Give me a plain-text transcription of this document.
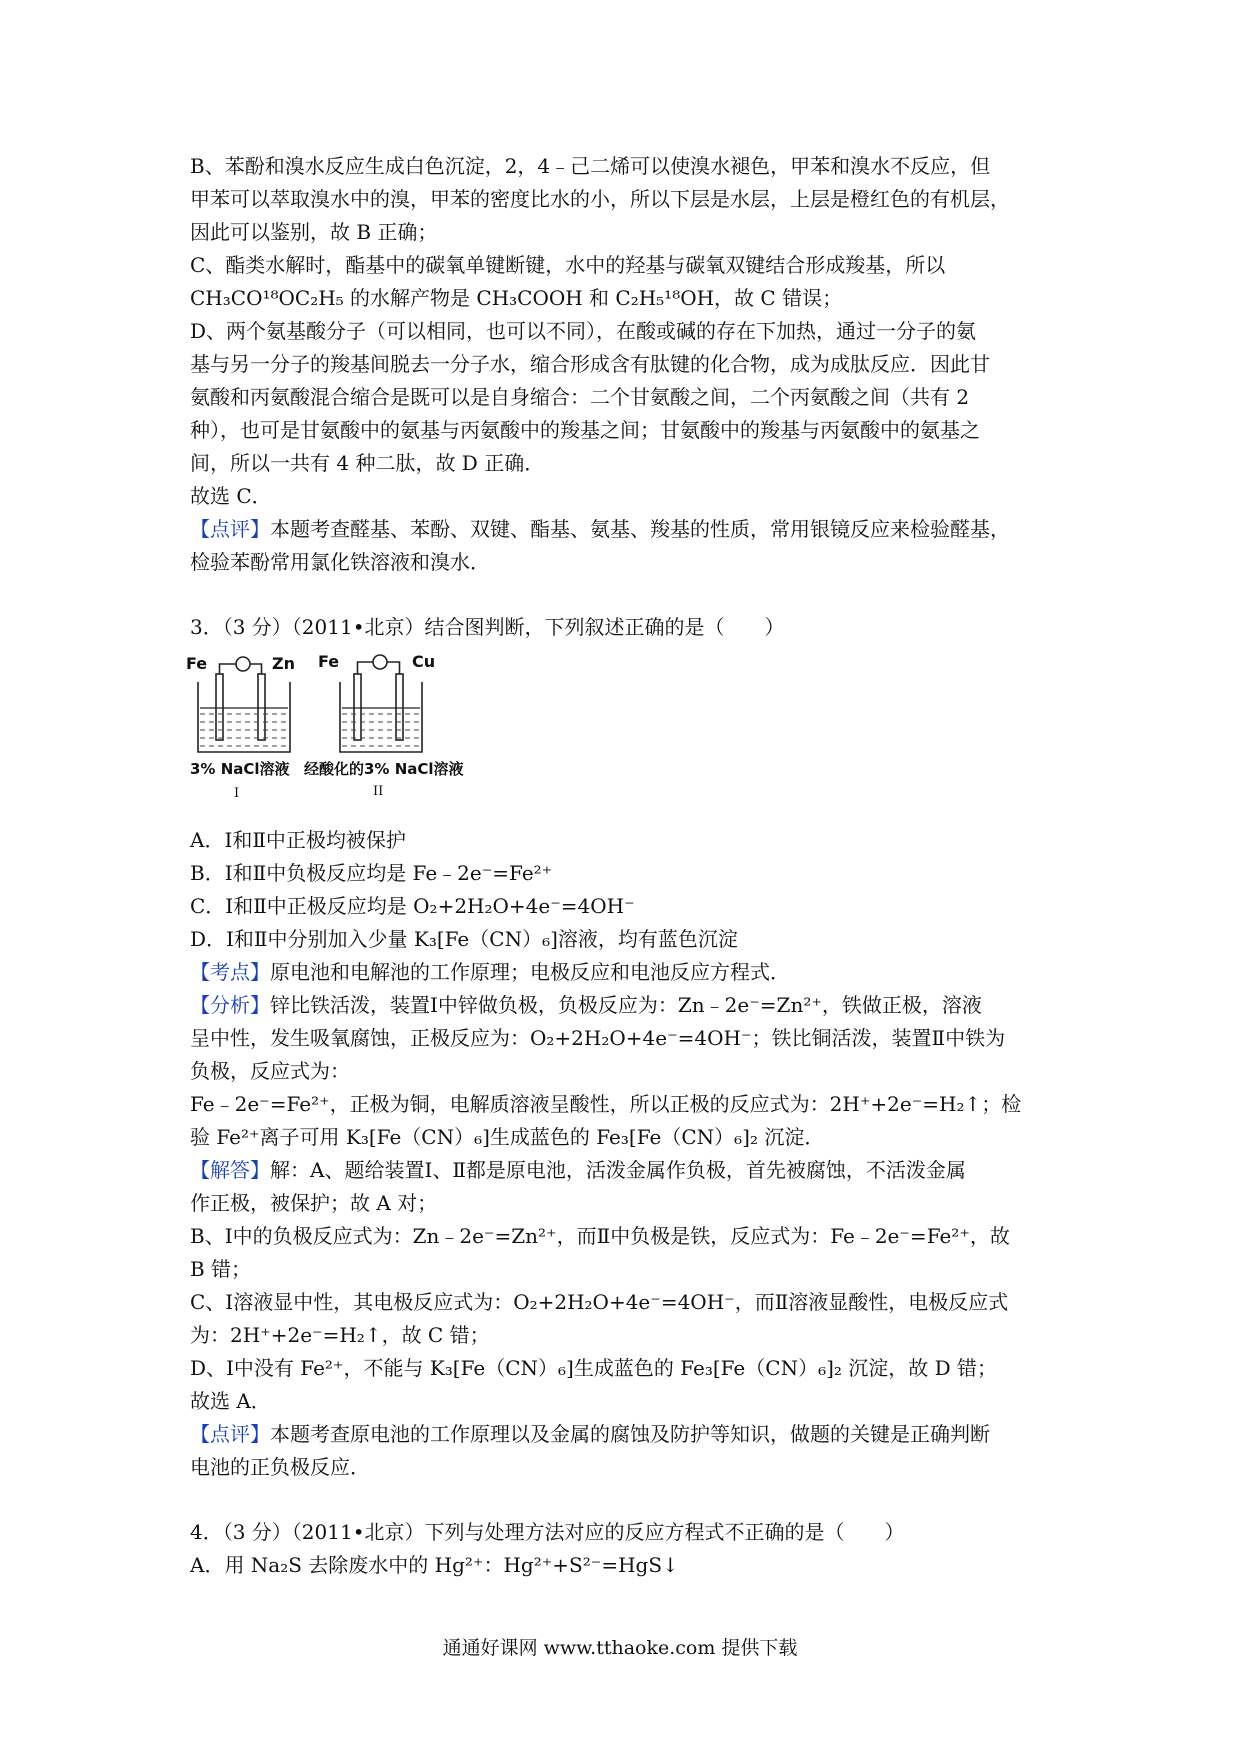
B、苯酚和溴水反应生成白色沉淀，2，4﹣己二烯可以使溴水褪色，甲苯和溴水不反应，但
甲苯可以萃取溴水中的溴，甲苯的密度比水的小，所以下层是水层，上层是橙红色的有机层，
因此可以鉴别，故 B 正确；
C、酯类水解时，酯基中的碳氧单键断键，水中的羟基与碳氧双键结合形成羧基，所以
CH₃CO¹⁸OC₂H₅ 的水解产物是 CH₃COOH 和 C₂H₅¹⁸OH，故 C 错误；
D、两个氨基酸分子（可以相同，也可以不同），在酸或碱的存在下加热，通过一分子的氨
基与另一分子的羧基间脱去一分子水，缩合形成含有肽键的化合物，成为成肽反应．因此甘
氨酸和丙氨酸混合缩合是既可以是自身缩合：二个甘氨酸之间，二个丙氨酸之间（共有 2
种），也可是甘氨酸中的氨基与丙氨酸中的羧基之间；甘氨酸中的羧基与丙氨酸中的氨基之
间，所以一共有 4 种二肽，故 D 正确．
故选 C．
【点评】本题考查醛基、苯酚、双键、酯基、氨基、羧基的性质，常用银镜反应来检验醛基，
检验苯酚常用氯化铁溶液和溴水．
3．（3 分）（2011•北京）结合图判断，下列叙述正确的是（　　）
Fe	Zn Fe	Cu
3% NaCl溶液 经酸化的3% NaCl溶液
I	II
A．Ⅰ和Ⅱ中正极均被保护
B．Ⅰ和Ⅱ中负极反应均是 Fe﹣2e⁻=Fe²⁺
C．Ⅰ和Ⅱ中正极反应均是 O₂+2H₂O+4e⁻=4OH⁻
D．Ⅰ和Ⅱ中分别加入少量 K₃[Fe（CN）₆]溶液，均有蓝色沉淀
【考点】原电池和电解池的工作原理；电极反应和电池反应方程式．
【分析】锌比铁活泼，装置Ⅰ中锌做负极，负极反应为：Zn﹣2e⁻=Zn²⁺，铁做正极，溶液
呈中性，发生吸氧腐蚀，正极反应为：O₂+2H₂O+4e⁻=4OH⁻；铁比铜活泼，装置Ⅱ中铁为
负极，反应式为：
Fe﹣2e⁻=Fe²⁺，正极为铜，电解质溶液呈酸性，所以正极的反应式为：2H⁺+2e⁻=H₂↑；检
验 Fe²⁺离子可用 K₃[Fe（CN）₆]生成蓝色的 Fe₃[Fe（CN）₆]₂ 沉淀．
【解答】解：A、题给装置Ⅰ、Ⅱ都是原电池，活泼金属作负极，首先被腐蚀，不活泼金属
作正极，被保护；故 A 对；
B、Ⅰ中的负极反应式为：Zn﹣2e⁻=Zn²⁺，而Ⅱ中负极是铁，反应式为：Fe﹣2e⁻=Fe²⁺，故
B 错；
C、Ⅰ溶液显中性，其电极反应式为：O₂+2H₂O+4e⁻=4OH⁻，而Ⅱ溶液显酸性，电极反应式
为：2H⁺+2e⁻=H₂↑，故 C 错；
D、Ⅰ中没有 Fe²⁺，不能与 K₃[Fe（CN）₆]生成蓝色的 Fe₃[Fe（CN）₆]₂ 沉淀，故 D 错；
故选 A．
【点评】本题考查原电池的工作原理以及金属的腐蚀及防护等知识，做题的关键是正确判断
电池的正负极反应．
4．（3 分）（2011•北京）下列与处理方法对应的反应方程式不正确的是（　　）
A．用 Na₂S 去除废水中的 Hg²⁺：Hg²⁺+S²⁻=HgS↓
通通好课网 www.tthaoke.com 提供下载
